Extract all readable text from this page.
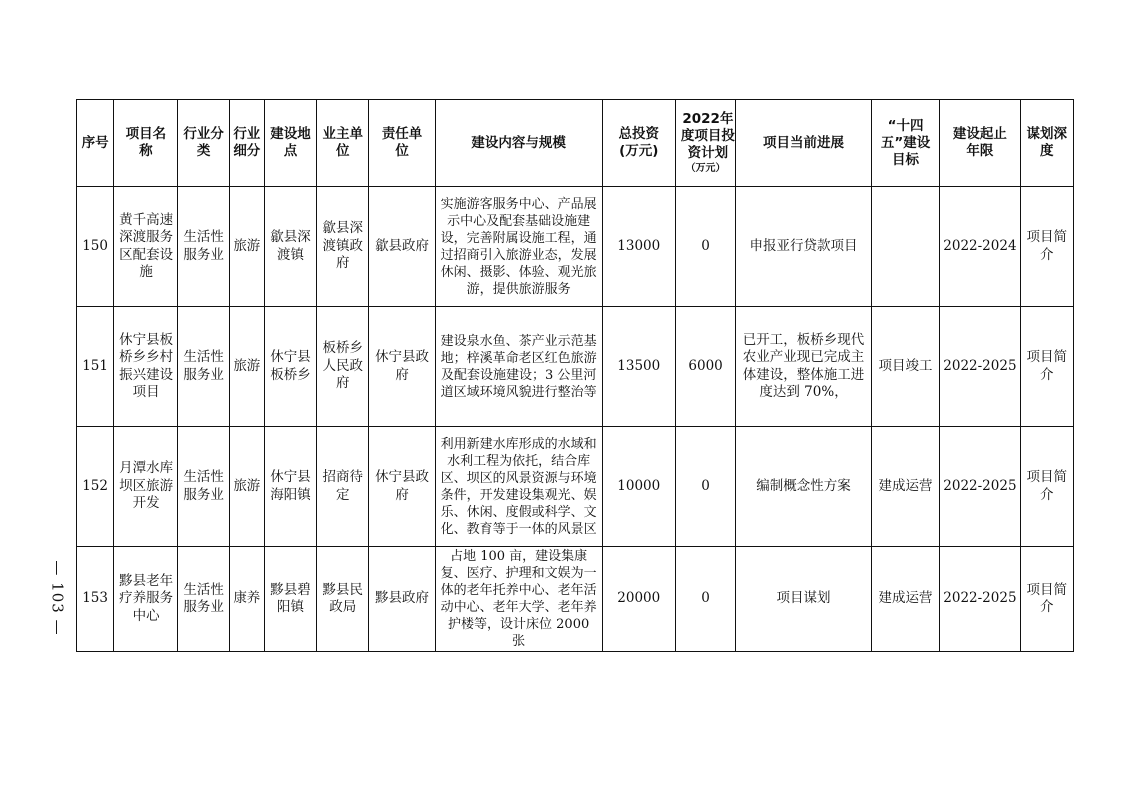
— 103 —
序号	项目名称	行业分类	行业细分	建设地点	业主单位	责任单位	建设内容与规模	总投资(万元)	2022年度项目投资计划
（万元）	项目当前进展	“十四五”建设目标	建设起止年限	谋划深度

150	黄千高速深渡服务区配套设施	生活性服务业	旅游	歙县深渡镇	歙县深渡镇政府	歙县政府	实施游客服务中心、产品展示中心及配套基础设施建设，完善附属设施工程，通过招商引入旅游业态，发展休闲、摄影、体验、观光旅游，提供旅游服务	13000	0	申报亚行贷款项目		2022-2024	项目简介

151	休宁县板桥乡乡村振兴建设项目	生活性服务业	旅游	休宁县板桥乡	板桥乡人民政府	休宁县政府	建设泉水鱼、茶产业示范基地；梓溪革命老区红色旅游及配套设施建设；3 公里河道区域环境风貌进行整治等	13500	6000	已开工，板桥乡现代农业产业现已完成主体建设，整体施工进度达到 70%，	项目竣工	2022-2025	项目简介

152	月潭水库坝区旅游开发	生活性服务业	旅游	休宁县海阳镇	招商待定	休宁县政府	利用新建水库形成的水域和水利工程为依托，结合库区、坝区的风景资源与环境条件，开发建设集观光、娱乐、休闲、度假或科学、文化、教育等于一体的风景区	10000	0	编制概念性方案	建成运营	2022-2025	项目简介

153	黟县老年疗养服务中心	生活性服务业	康养	黟县碧阳镇	黟县民政局	黟县政府	占地 100 亩，建设集康复、医疗、护理和文娱为一体的老年托养中心、老年活动中心、老年大学、老年养护楼等，设计床位 2000 张	20000	0	项目谋划	建成运营	2022-2025	项目简介
